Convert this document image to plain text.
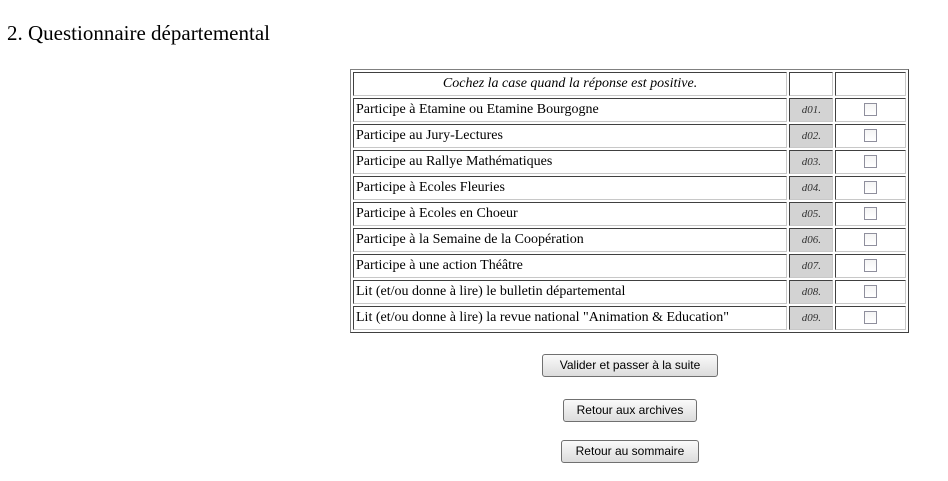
2. Questionnaire départemental
Cochez la case quand la réponse est positive.		
Participe à Etamine ou Etamine Bourgogne	d01.	
Participe au Jury-Lectures	d02.	
Participe au Rallye Mathématiques	d03.	
Participe à Ecoles Fleuries	d04.	
Participe à Ecoles en Choeur	d05.	
Participe à la Semaine de la Coopération	d06.	
Participe à une action Théâtre	d07.	
Lit (et/ou donne à lire) le bulletin départemental	d08.	
Lit (et/ou donne à lire) la revue national "Animation & Education"	d09.	
Valider et passer à la suite
Retour aux archives
Retour au sommaire
